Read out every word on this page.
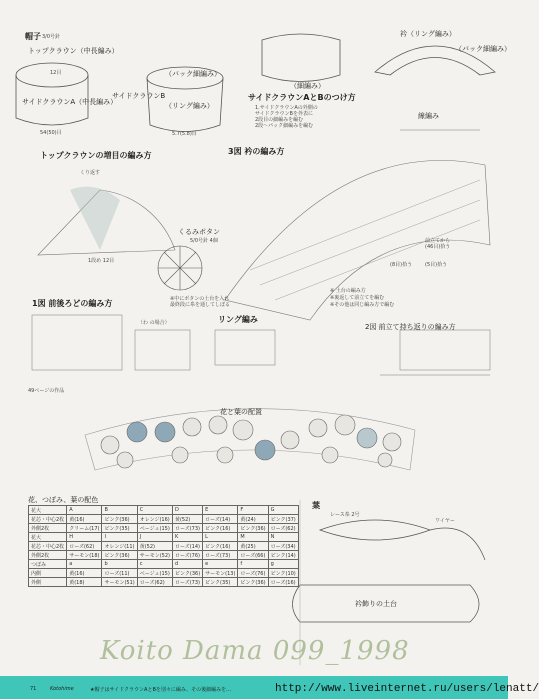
帽子 3/0号針
トップクラウン（中長編み）
12目
サイドクラウンA（中長編み）
54(50)目
サイドクラウンB
（バック細編み）
（リング編み）
5.7(5.8)目
（細編み）
サイドクラウンAとBのつけ方
1.サイドクラウンAの外側の
サイドクラウンBを外表に
2段目の細編みを編む
2段～パック細編みを編む
衿（リング編み）
（バック細編み）
線編み
トップクラウンの増目の編み方
くり返す
1段め 12目
3図 衿の編み方
くるみボタン
5/0号針 4個
※中にボタンの土台を入れ
最終段に糸を通してしぼる
前立てから
(46目)拾う
(8目)拾う	(5目)拾う
※ 土台の編み方
※裏返して前立てを編む
※その他は同じ編み方で編む
1図 前後ろどの編み方
（わ の場合）	リング編み
2図 前立て持ち返りの編み方
49ページの作品
花と葉の配置
花、つぼみ、葉の配色
花大	A	B	C	D	E	F	G
花芯・中心2枚	黄(16)	ピンク(36)	オレンジ(16)	黄(52)	ローズ(14)	黄(24)	ピンク(37)
外側2枚	クリーム(17)	ピンク(35)	ベージュ(15)	ローズ(73)	ピンク(16)	ピンク(36)	ローズ(62)
花大	H	I	J	K	L	M	N
花芯・中心2枚	ローズ(62)	オレンジ(11)	黄(52)	ローズ(14)	ピンク(16)	黄(25)	ローズ(34)
外側2枚	サーモン(18)	ピンク(36)	サーモン(52)	ローズ(76)	ローズ(73)	ローズ(66)	ピンク(14)
つぼみ	a	b	c	d	e	f	g
内側	黄(16)	ローズ(11)	ベージュ(15)	ピンク(36)	サーモン(13)	ローズ(76)	ピンク(10)
外側	黄(18)	サーモン(51)	ローズ(62)	ローズ(73)	ピンク(35)	ピンク(36)	ローズ(16)
葉
レース糸 2号
ワイヤー
衿飾りの土台
Koito Dama 099_1998
71	Kotohime	★帽子はサイドクラウンAとBを別々に編み、その後細編みを…	http://www.liveinternet.ru/users/lenatt/
